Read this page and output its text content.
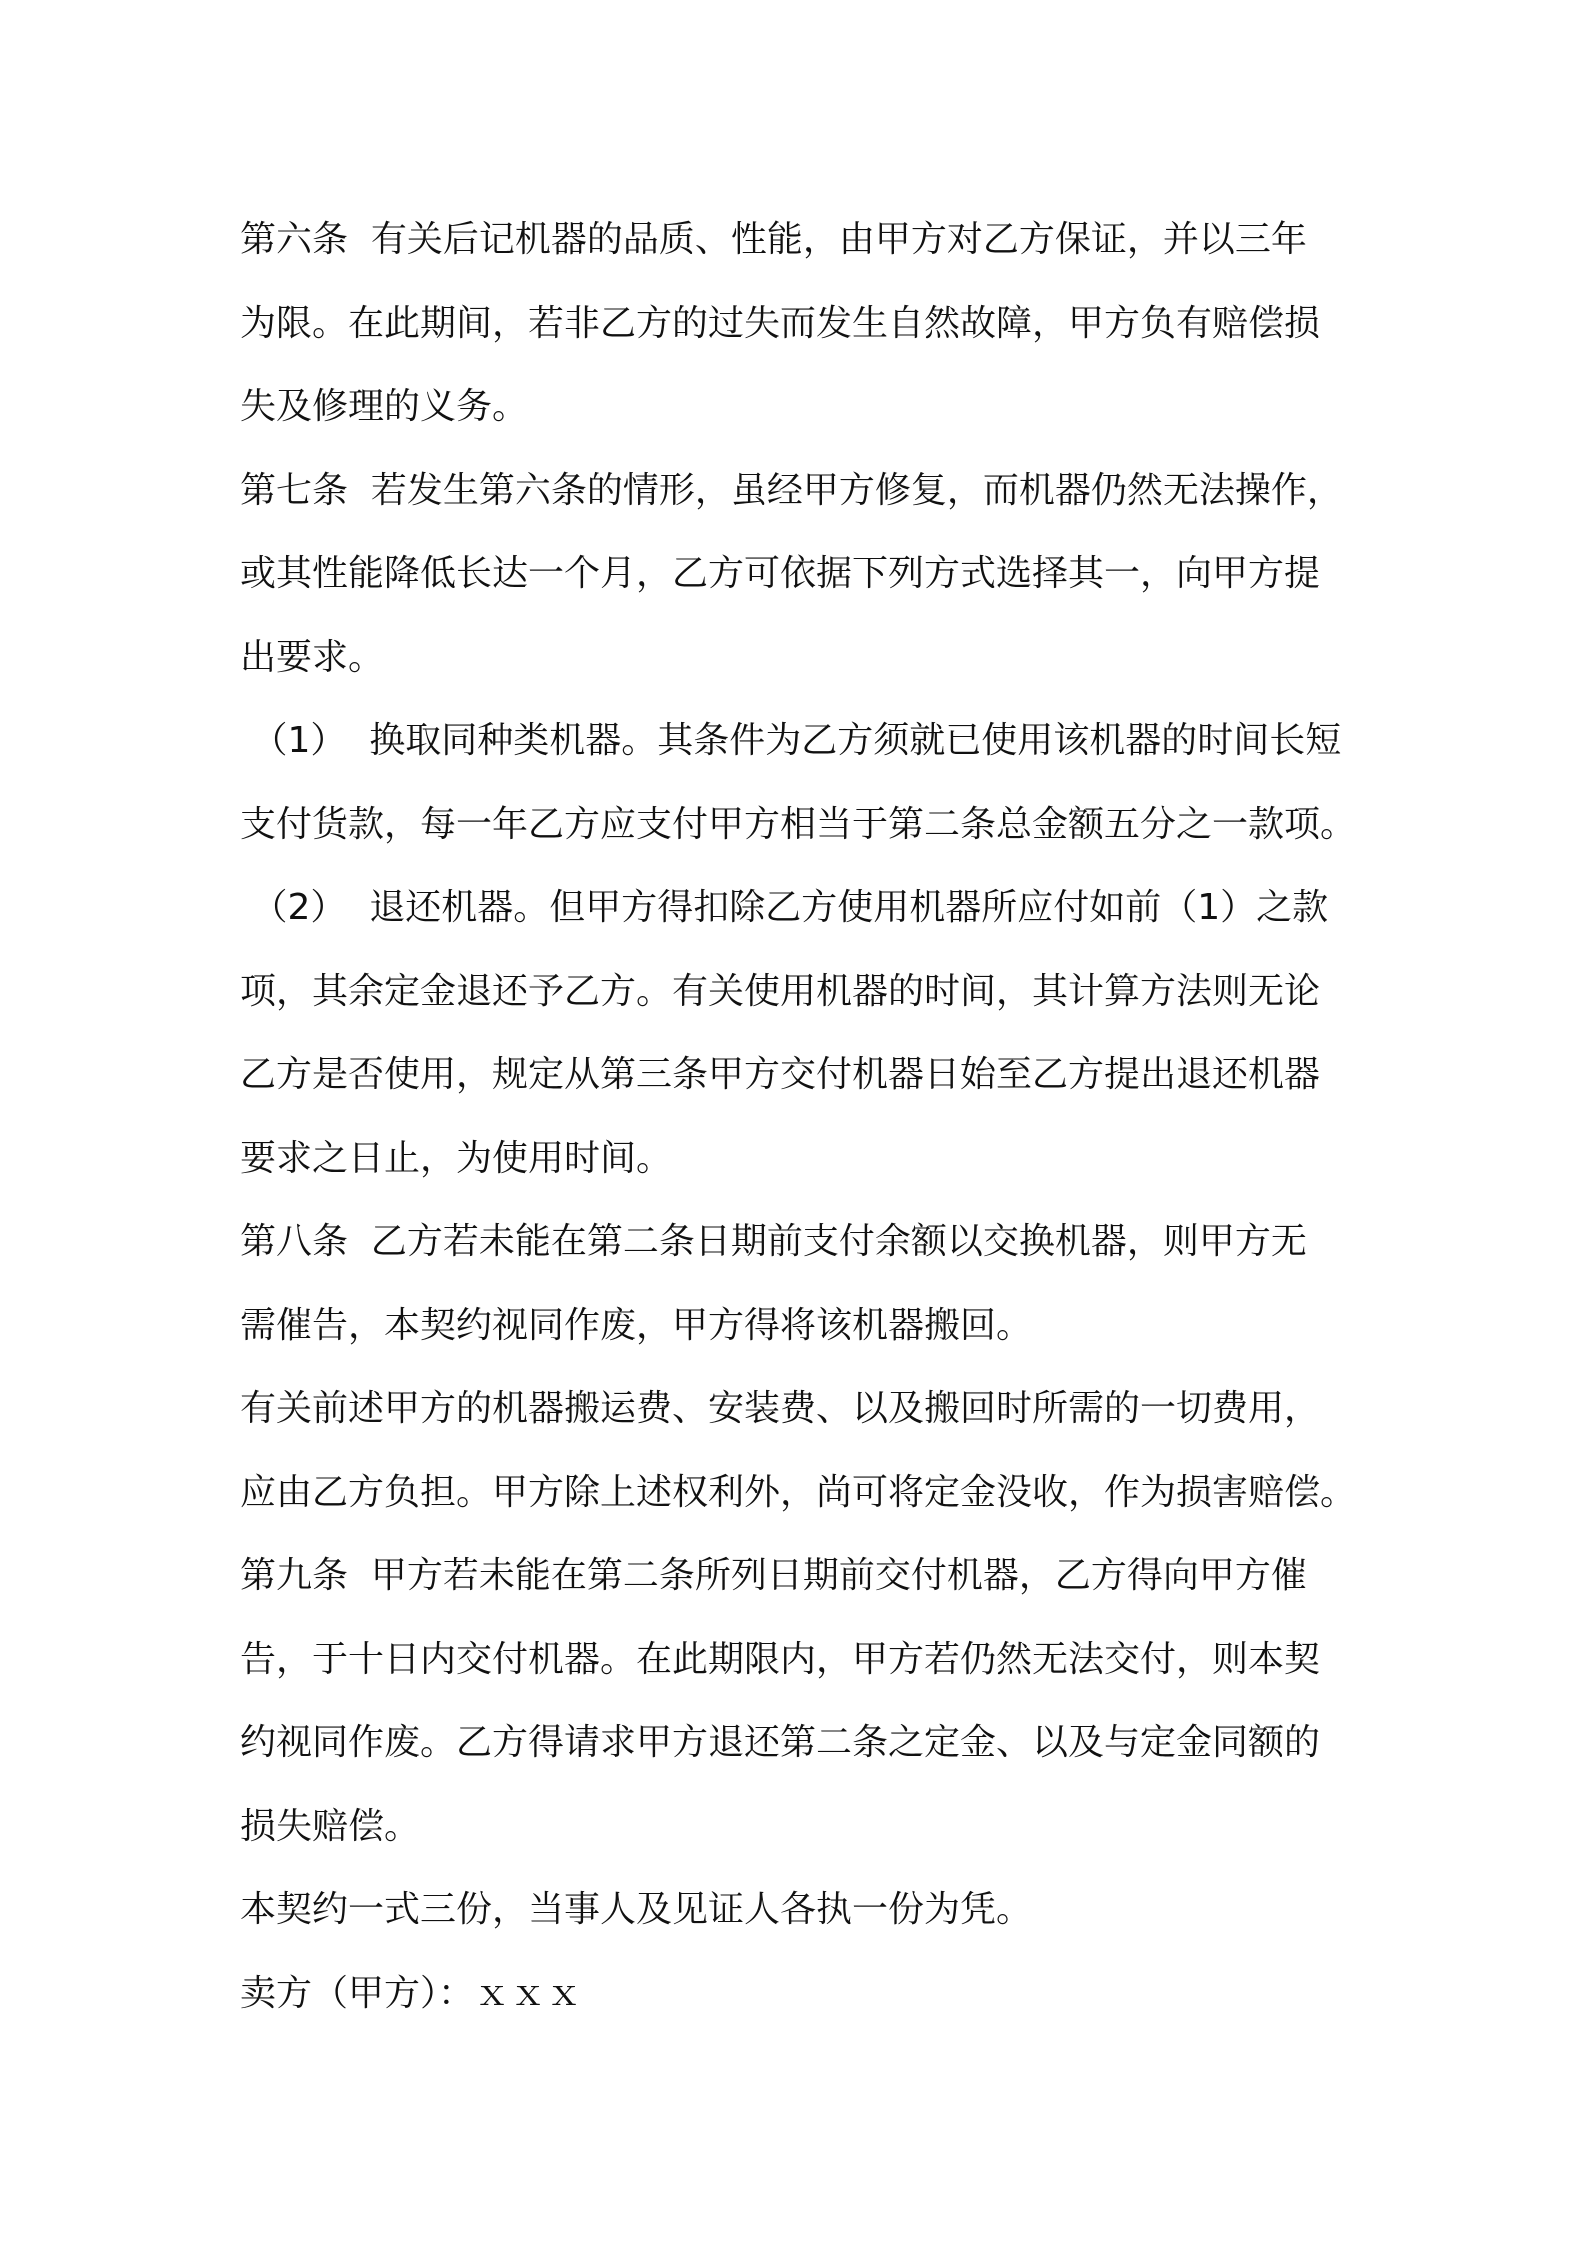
第六条  有关后记机器的品质、性能，由甲方对乙方保证，并以三年
为限。在此期间，若非乙方的过失而发生自然故障，甲方负有赔偿损
失及修理的义务。
第七条  若发生第六条的情形，虽经甲方修复，而机器仍然无法操作，
或其性能降低长达一个月，乙方可依据下列方式选择其一，向甲方提
出要求。
（1）  换取同种类机器。其条件为乙方须就已使用该机器的时间长短
支付货款，每一年乙方应支付甲方相当于第二条总金额五分之一款项。
（2）  退还机器。但甲方得扣除乙方使用机器所应付如前（1）之款
项，其余定金退还予乙方。有关使用机器的时间，其计算方法则无论
乙方是否使用，规定从第三条甲方交付机器日始至乙方提出退还机器
要求之日止，为使用时间。
第八条  乙方若未能在第二条日期前支付余额以交换机器，则甲方无
需催告，本契约视同作废，甲方得将该机器搬回。
有关前述甲方的机器搬运费、安装费、以及搬回时所需的一切费用，
应由乙方负担。甲方除上述权利外，尚可将定金没收，作为损害赔偿。
第九条  甲方若未能在第二条所列日期前交付机器，乙方得向甲方催
告，于十日内交付机器。在此期限内，甲方若仍然无法交付，则本契
约视同作废。乙方得请求甲方退还第二条之定金、以及与定金同额的
损失赔偿。
本契约一式三份，当事人及见证人各执一份为凭。
卖方（甲方）：ｘｘｘ
